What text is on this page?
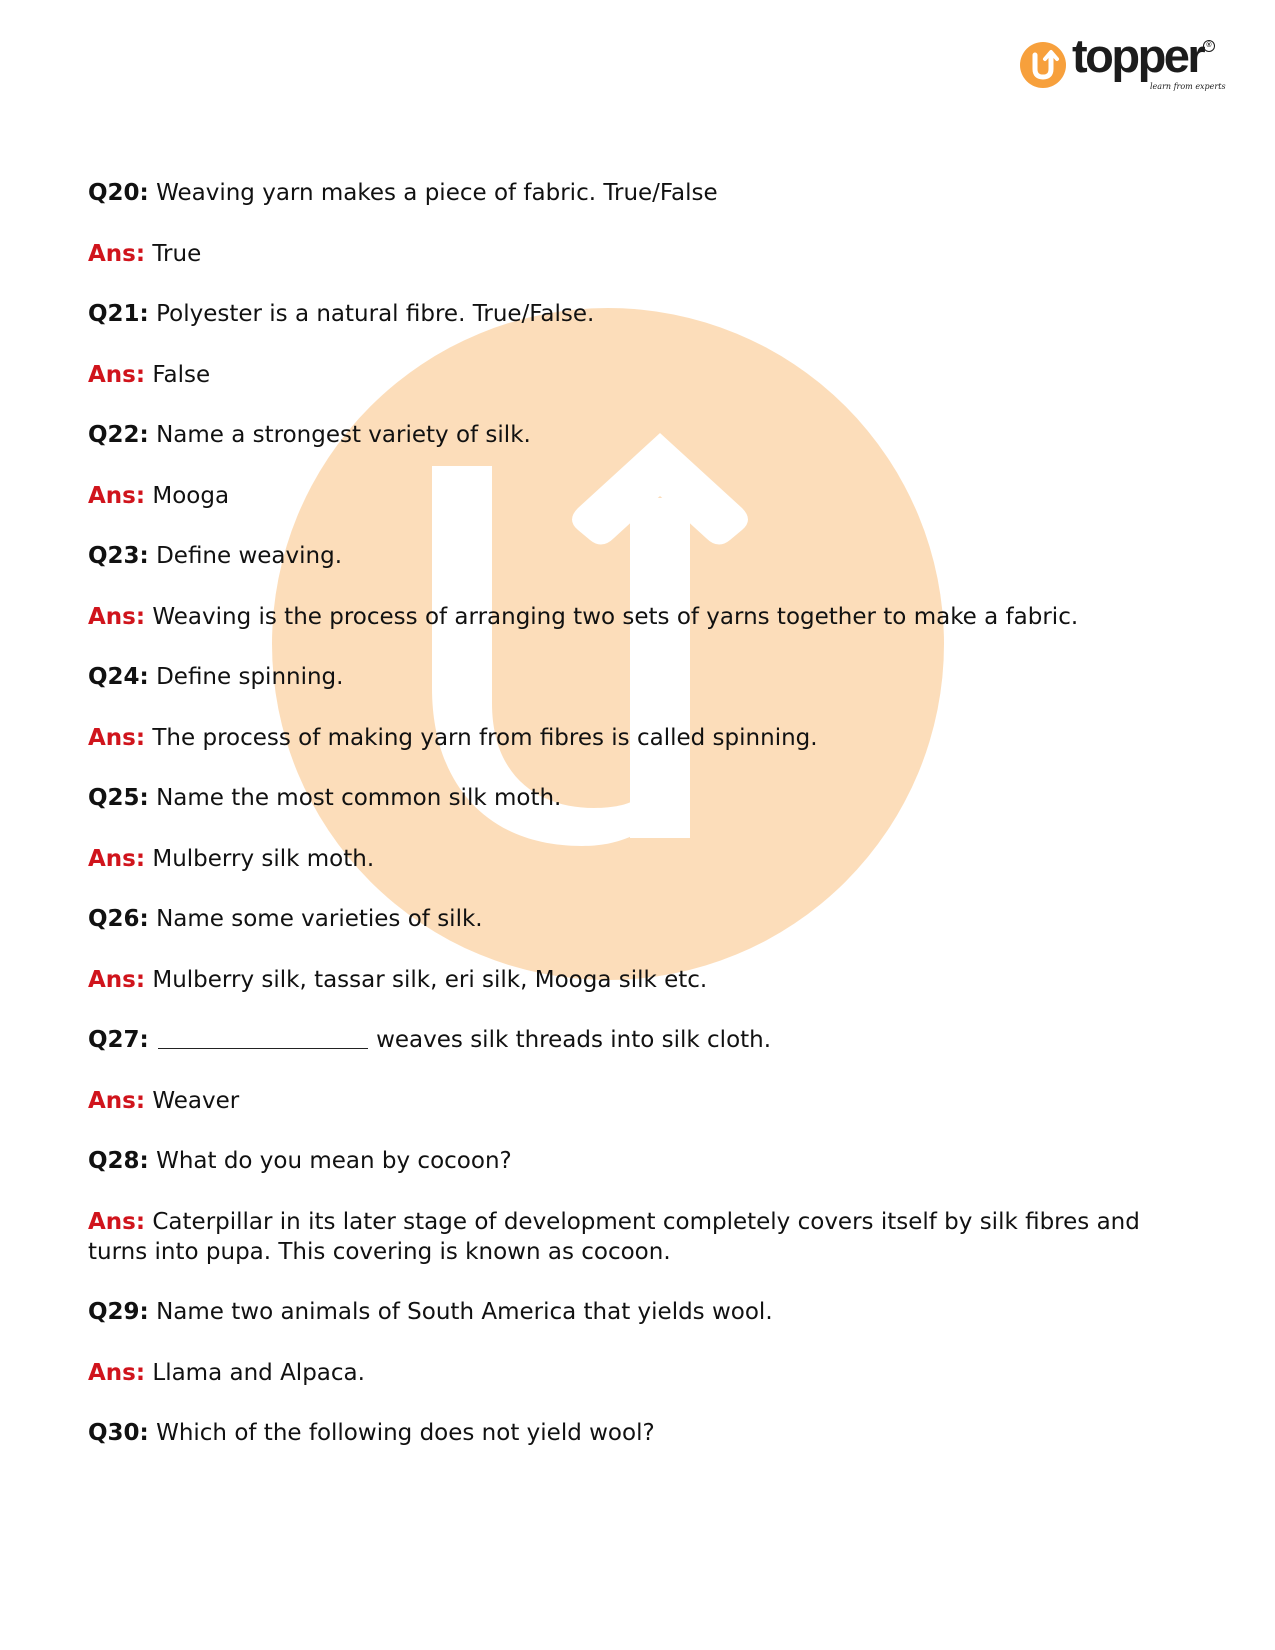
topper ®
learn from experts
Q20: Weaving yarn makes a piece of fabric. True/False
Ans: True
Q21: Polyester is a natural fibre. True/False.
Ans: False
Q22: Name a strongest variety of silk.
Ans: Mooga
Q23: Define weaving.
Ans: Weaving is the process of arranging two sets of yarns together to make a fabric.
Q24: Define spinning.
Ans: The process of making yarn from fibres is called spinning.
Q25: Name the most common silk moth.
Ans: Mulberry silk moth.
Q26: Name some varieties of silk.
Ans: Mulberry silk, tassar silk, eri silk, Mooga silk etc.
Q27:	weaves silk threads into silk cloth.
Ans: Weaver
Q28: What do you mean by cocoon?
Ans: Caterpillar in its later stage of development completely covers itself by silk fibres and turns into pupa. This covering is known as cocoon.
Q29: Name two animals of South America that yields wool.
Ans: Llama and Alpaca.
Q30: Which of the following does not yield wool?
